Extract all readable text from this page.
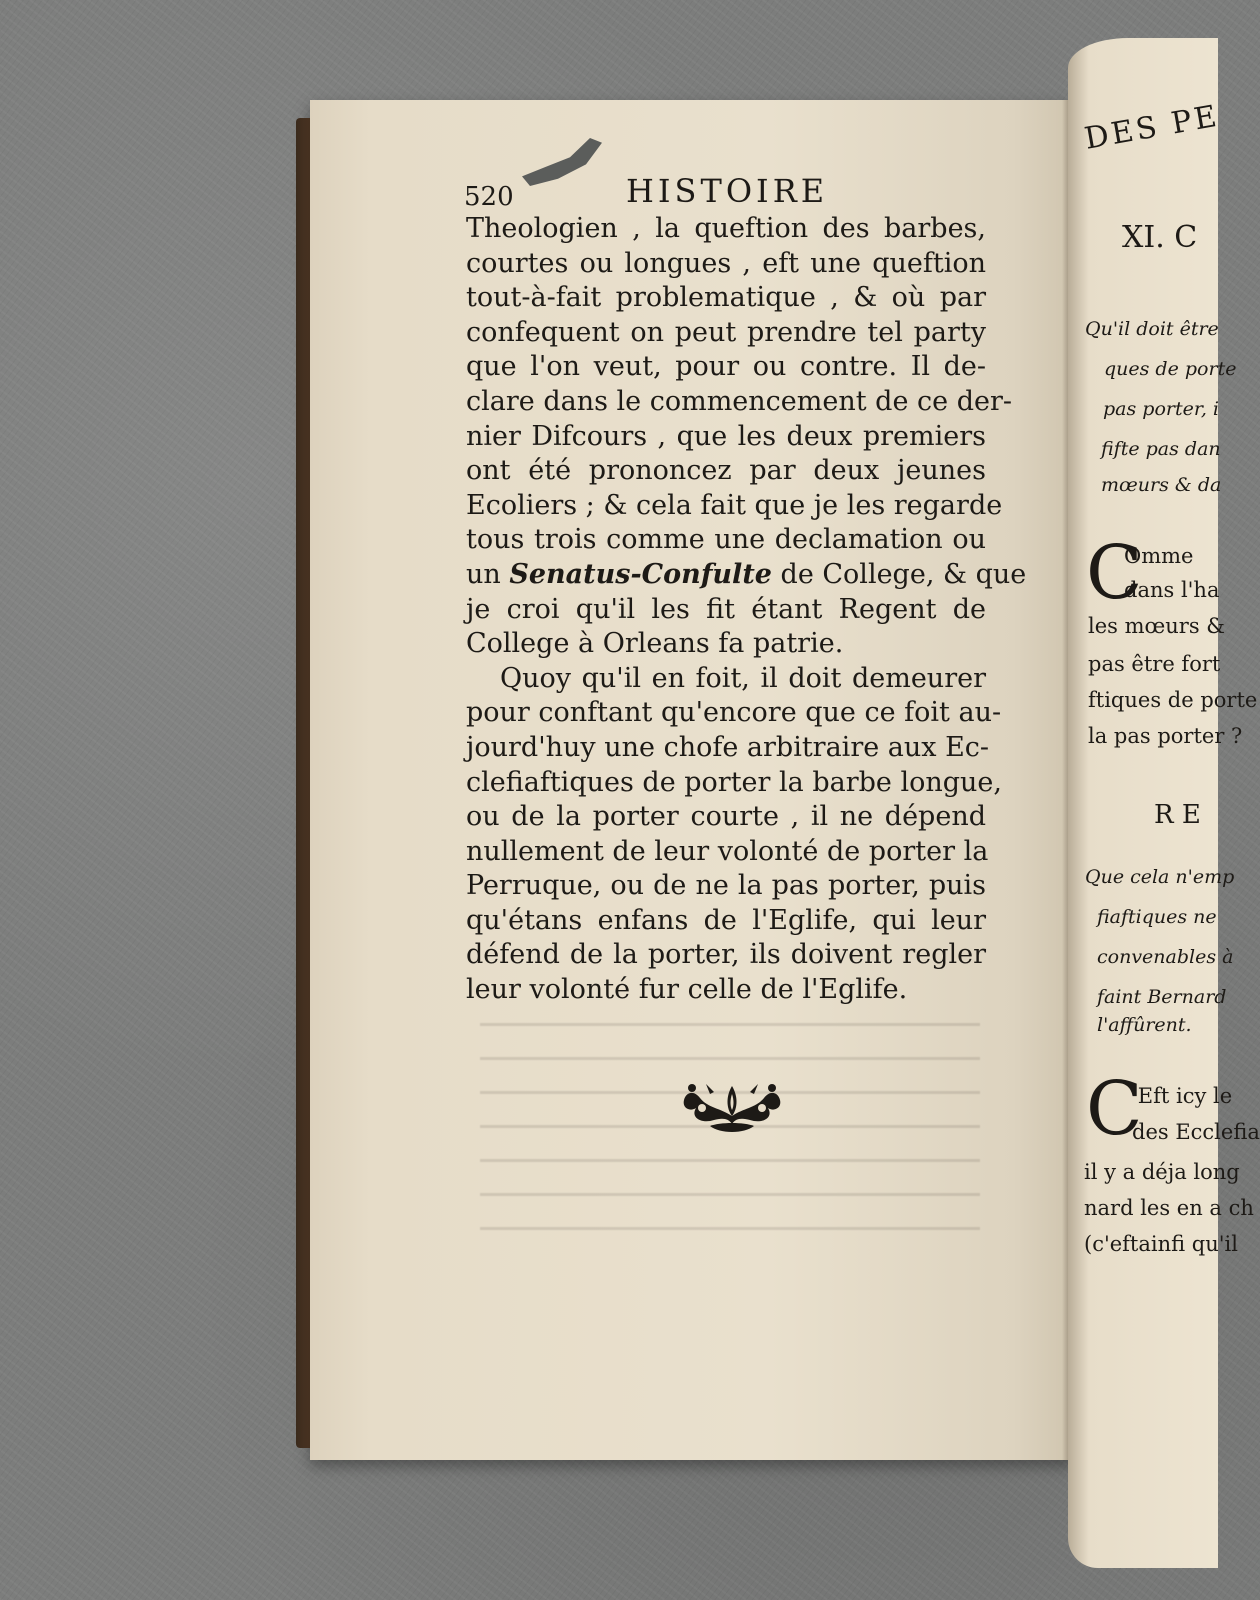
520	HISTOIRE
Theologien , la queftion des barbes,
courtes ou longues , eft une queftion
tout-à-fait problematique , & où par
confequent on peut prendre tel party
que l'on veut, pour ou contre. Il de-
clare dans le commencement de ce der-
nier Difcours , que les deux premiers
ont été prononcez par deux jeunes
Ecoliers ; & cela fait que je les regarde
tous trois comme une declamation ou
un Senatus-Confulte de College, & que
je croi qu'il les fit étant Regent de
College à Orleans fa patrie.
Quoy qu'il en foit, il doit demeurer
pour conftant qu'encore que ce foit au-
jourd'huy une chofe arbitraire aux Ec-
clefiaftiques de porter la barbe longue,
ou de la porter courte , il ne dépend
nullement de leur volonté de porter la
Perruque, ou de ne la pas porter, puis
qu'étans enfans de l'Eglife, qui leur
défend de la porter, ils doivent regler
leur volonté fur celle de l'Eglife.
DES PE
XI. C
Qu'il doit être
ques de porte
pas porter, i
fifte pas dan
mœurs & da
C
Omme
dans l'ha
les mœurs &
pas être fort
ftiques de porte
la pas porter ?
R E
Que cela n'emp
fiaftiques ne
convenables à
faint Bernard
l'affûrent.
C
'Eft icy le
des Ecclefia
il y a déja long
nard les en a ch
(c'eftainfi qu'il
